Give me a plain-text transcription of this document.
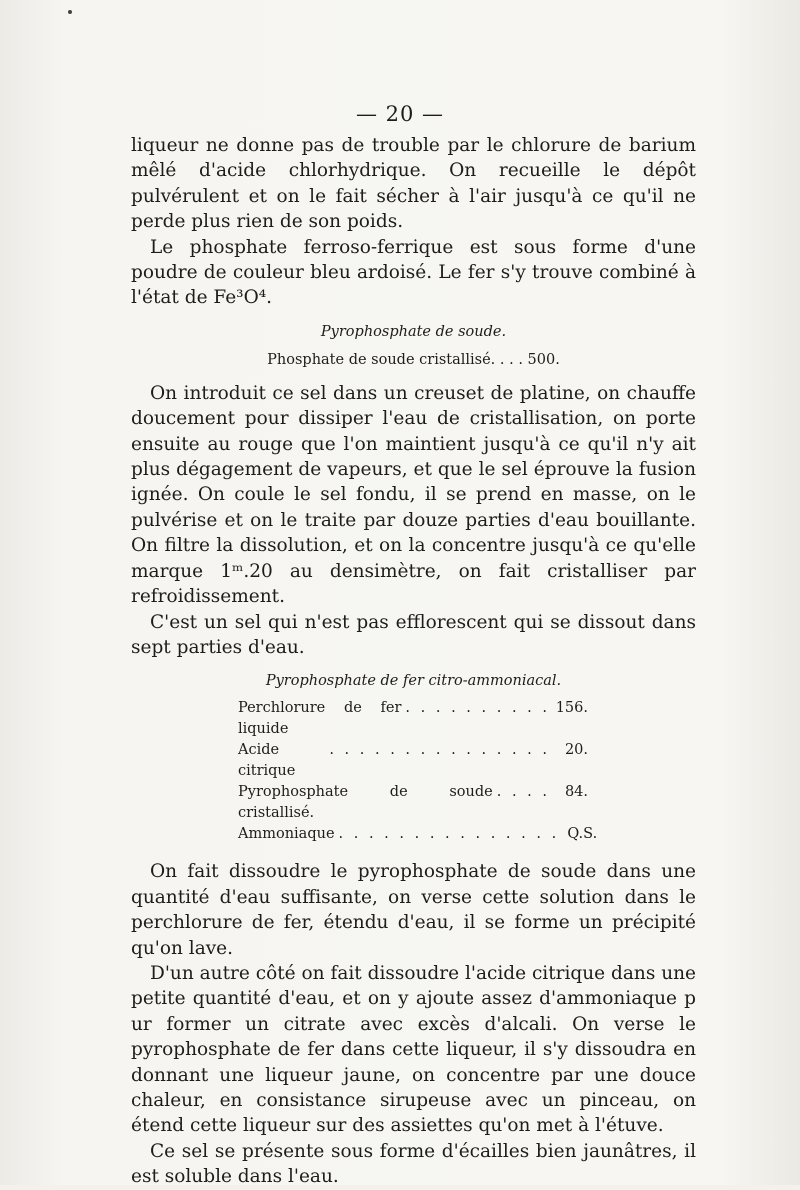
— 20 —

liqueur ne donne pas de trouble par le chlorure de barium mêlé d'acide chlorhydrique. On recueille le dépôt pulvérulent et on le fait sécher à l'air jusqu'à ce qu'il ne perde plus rien de son poids.

Le phosphate ferroso-ferrique est sous forme d'une poudre de couleur bleu ardoisé. Le fer s'y trouve combiné à l'état de Fe³O⁴.

Pyrophosphate de soude.

Phosphate de soude cristallisé. . . . 500.

On introduit ce sel dans un creuset de platine, on chauffe doucement pour dissiper l'eau de cristallisation, on porte ensuite au rouge que l'on maintient jusqu'à ce qu'il n'y ait plus dégagement de vapeurs, et que le sel éprouve la fusion ignée. On coule le sel fondu, il se prend en masse, on le pulvérise et on le traite par douze parties d'eau bouillante. On filtre la dissolution, et on la concentre jusqu'à ce qu'elle marque 1ᵐ.20 au densimètre, on fait cristalliser par refroidissement.

C'est un sel qui n'est pas efflorescent qui se dissout dans sept parties d'eau.

Pyrophosphate de fer citro-ammoniacal.

Perchlorure de fer liquide
. . . . . . . . . . 156.
Acide citrique
. . . . . . . . . . . . . . .	20.
Pyrophosphate de soude cristallisé.
. . . .	84.
Ammoniaque . . . . . . . . . . . . . . . Q.S.

On fait dissoudre le pyrophosphate de soude dans une quantité d'eau suffisante, on verse cette solution dans le perchlorure de fer, étendu d'eau, il se forme un précipité qu'on lave.

D'un autre côté on fait dissoudre l'acide citrique dans une petite quantité d'eau, et on y ajoute assez d'ammoniaque p ur former un citrate avec excès d'alcali. On verse le pyrophosphate de fer dans cette liqueur, il s'y dissoudra en donnant une liqueur jaune, on concentre par une douce chaleur, en consistance sirupeuse avec un pinceau, on étend cette liqueur sur des assiettes qu'on met à l'étuve.

Ce sel se présente sous forme d'écailles bien jaunâtres, il est soluble dans l'eau.
